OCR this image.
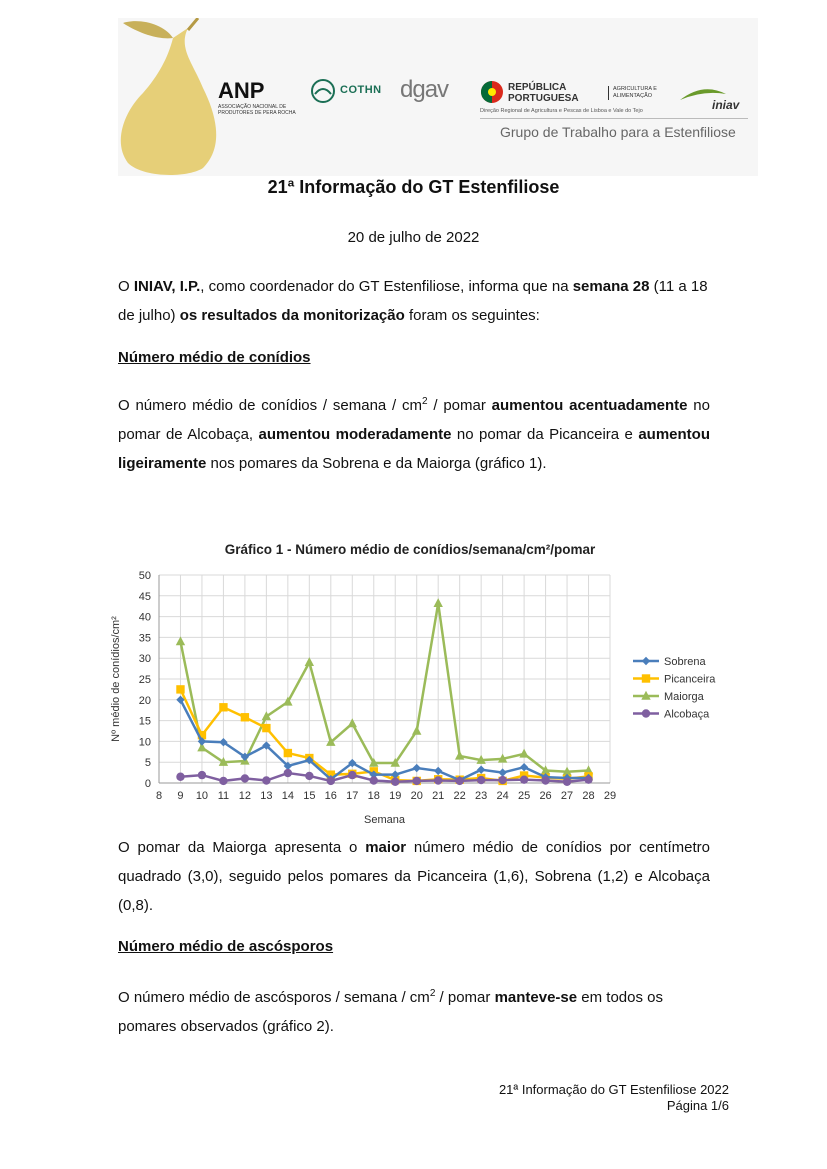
ANP
ASSOCIAÇÃO NACIONAL DE PRODUTORES DE PERA ROCHA
COTHN dgav	REPÚBLICA PORTUGUESA
AGRICULTURA E ALIMENTAÇÃO
Direção Regional de Agricultura e Pescas de Lisboa e Vale do Tejo	iniav
Grupo de Trabalho para a Estenfiliose
21ª Informação do GT Estenfiliose
20 de julho de 2022
O INIAV, I.P., como coordenador do GT Estenfiliose, informa que na semana 28 (11 a 18 de julho) os resultados da monitorização foram os seguintes:
Número médio de conídios
O número médio de conídios / semana / $cm^2$ / pomar aumentou acentuadamente no pomar de Alcobaça, aumentou moderadamente no pomar da Picanceira e aumentou ligeiramente nos pomares da Sobrena e da Maiorga (gráfico 1).
Gráfico 1 - Número médio de conídios/semana/cm²/pomar
0
5
10
15
20
25
30
35
40
45
50
8 9 10 11 12 13 14 15 16 17 18 19 20 21 22 23 24 25 26 27 28 29
Semana
Nº médio de conídios/cm²	Sobrena
Picanceira
Maiorga
Alcobaça
O pomar da Maiorga apresenta o maior número médio de conídios por centímetro quadrado (3,0), seguido pelos pomares da Picanceira (1,6), Sobrena (1,2) e Alcobaça (0,8).
Número médio de ascósporos
O número médio de ascósporos / semana / $cm^2$ / pomar manteve-se em todos os pomares observados (gráfico 2).
21ª Informação do GT Estenfiliose 2022
Página 1/6
